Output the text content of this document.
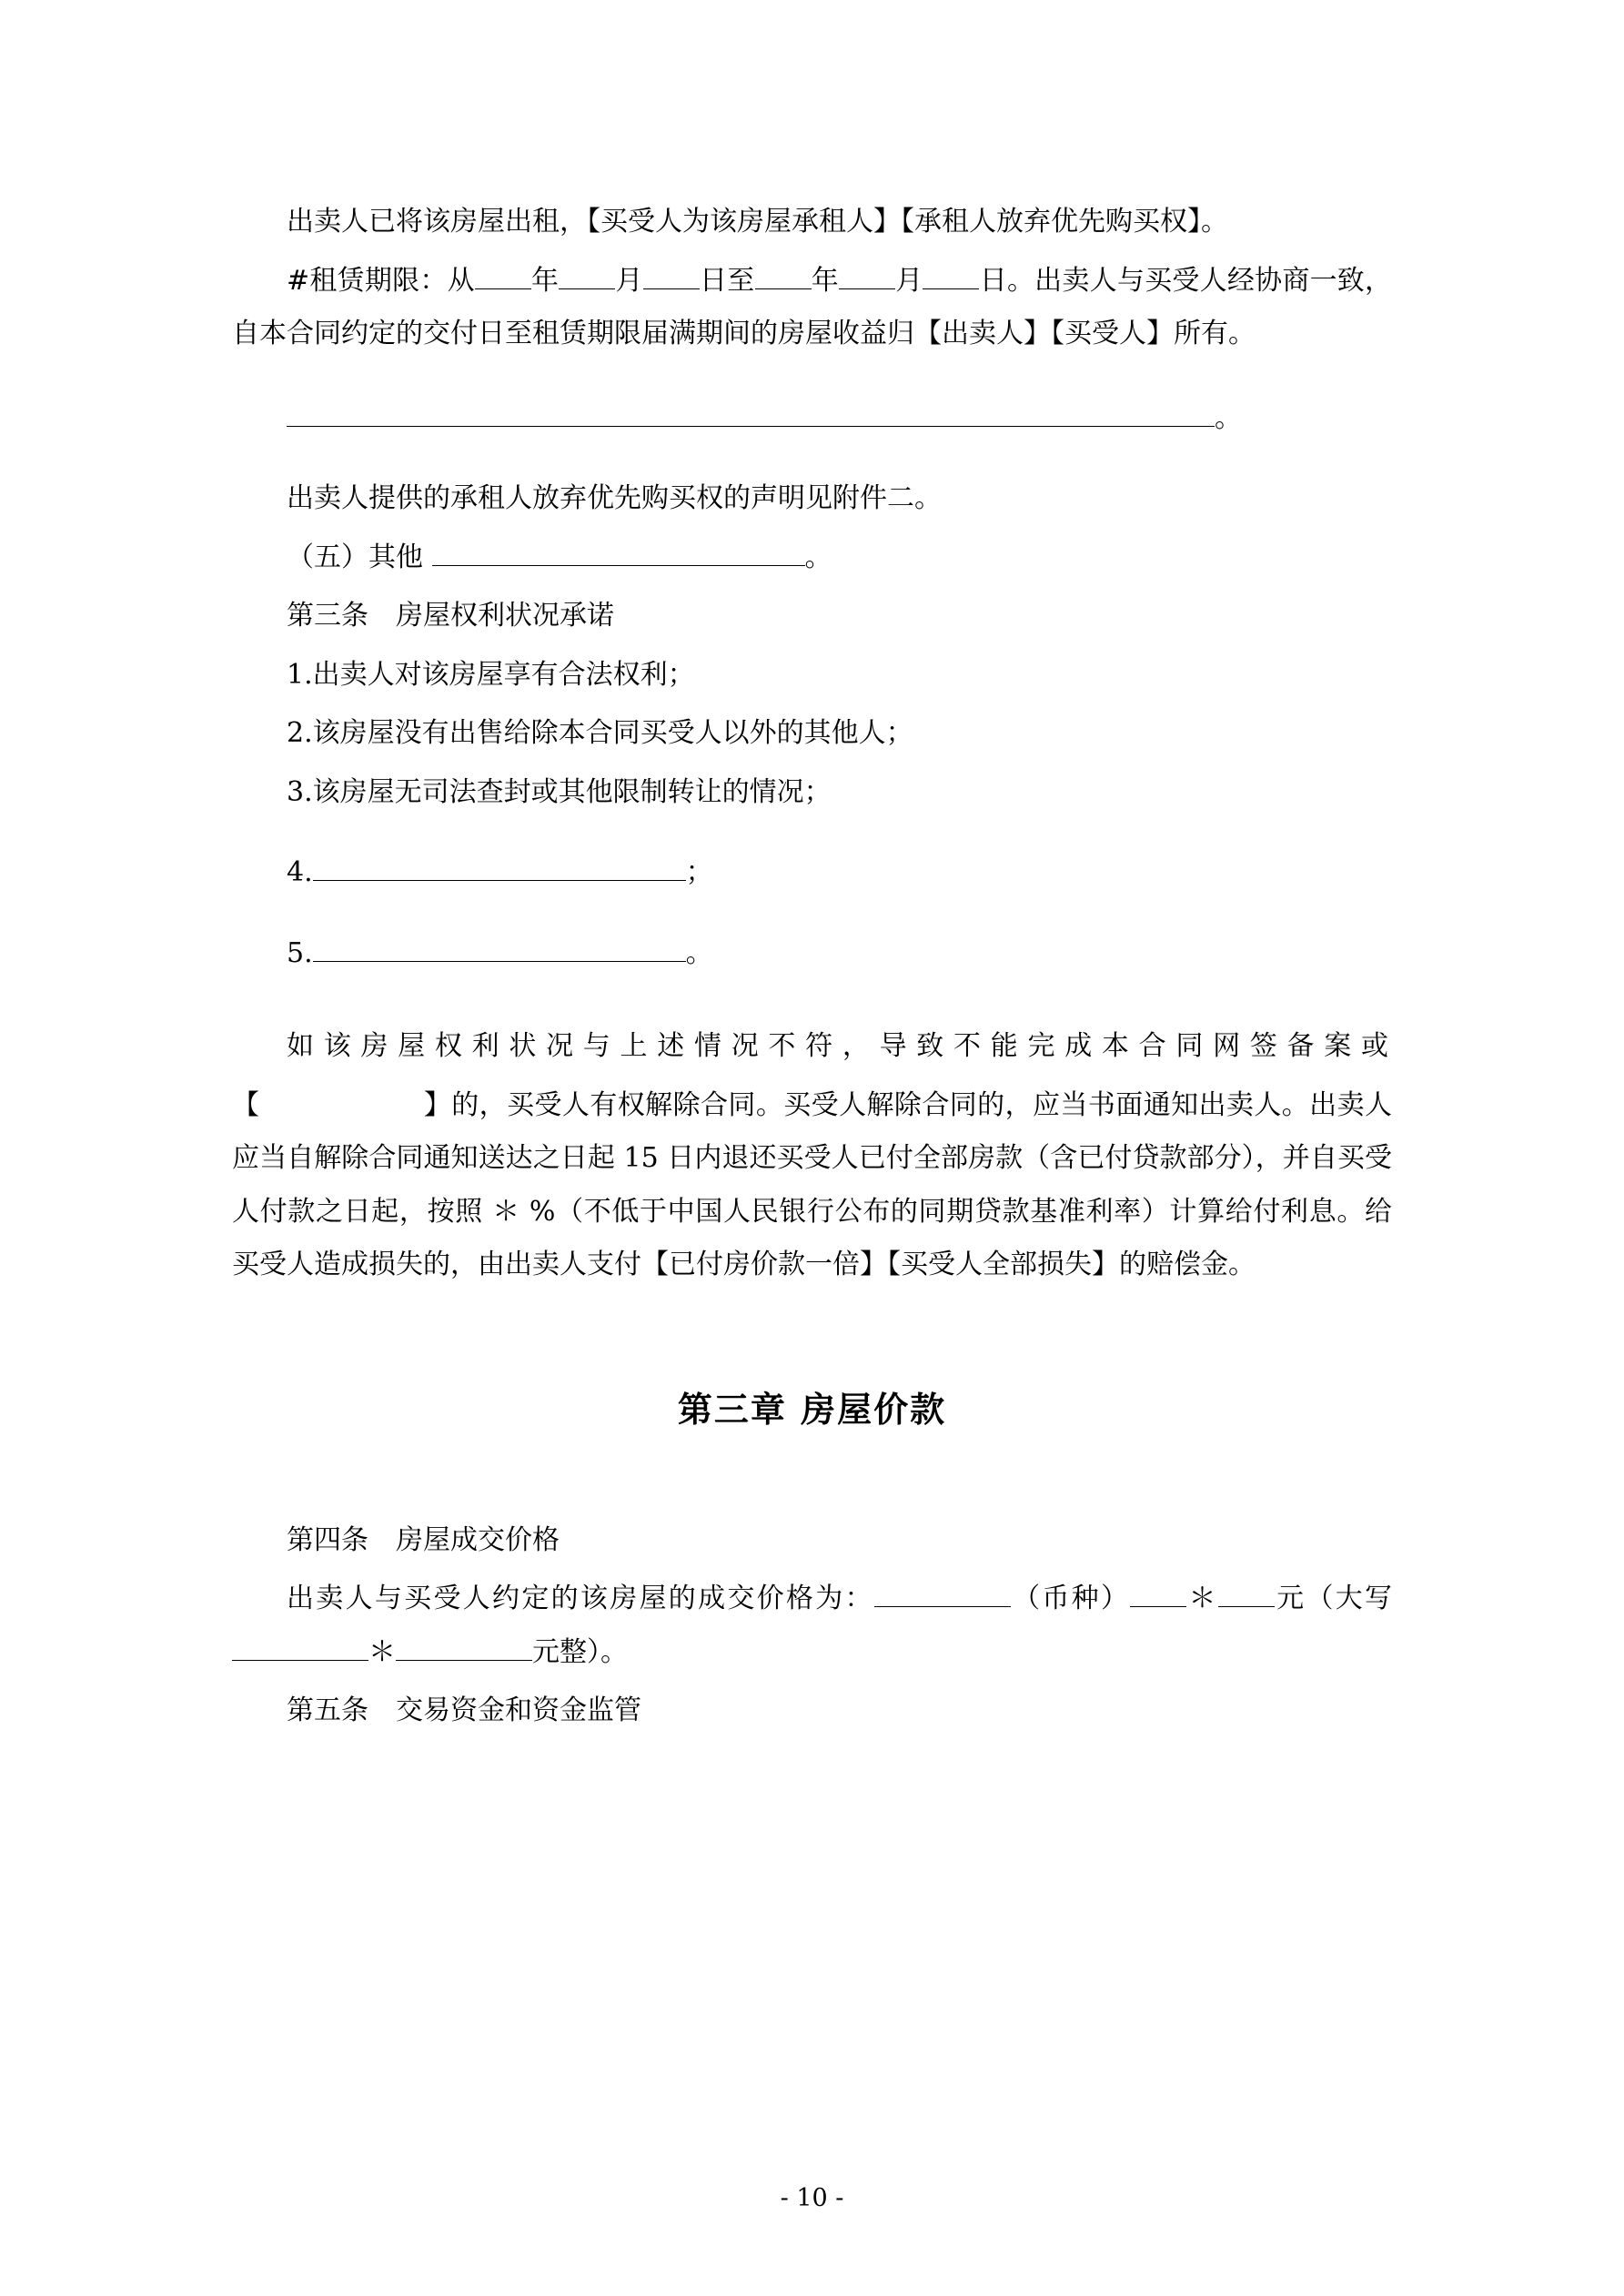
出卖人已将该房屋出租，【买受人为该房屋承租人】【承租人放弃优先购买权】。

#租赁期限：从 年 月 日至 年 月 日。出卖人与买受人经协商一致，自本合同约定的交付日至租赁期限届满期间的房屋收益归【出卖人】【买受人】所有。

。

出卖人提供的承租人放弃优先购买权的声明见附件二。

（五）其他	。

第三条　房屋权利状况承诺

1.出卖人对该房屋享有合法权利；

2.该房屋没有出售给除本合同买受人以外的其他人；

3.该房屋无司法查封或其他限制转让的情况；

4.	；

5.	。

如该房屋权利状况与上述情况不符，导致不能完成本合同网签备案或

【	】的，买受人有权解除合同。买受人解除合同的，应当书面通知出卖人。出卖人应当自解除合同通知送达之日起 15 日内退还买受人已付全部房款（含已付贷款部分），并自买受人付款之日起，按照 ＊ %（不低于中国人民银行公布的同期贷款基准利率）计算给付利息。给买受人造成损失的，由出卖人支付【已付房价款一倍】【买受人全部损失】的赔偿金。

第三章 房屋价款

第四条　房屋成交价格

出卖人与买受人约定的该房屋的成交价格为：	（币种） ＊ 元（大写＊	元整）。

第五条　交易资金和资金监管

- 10 -
